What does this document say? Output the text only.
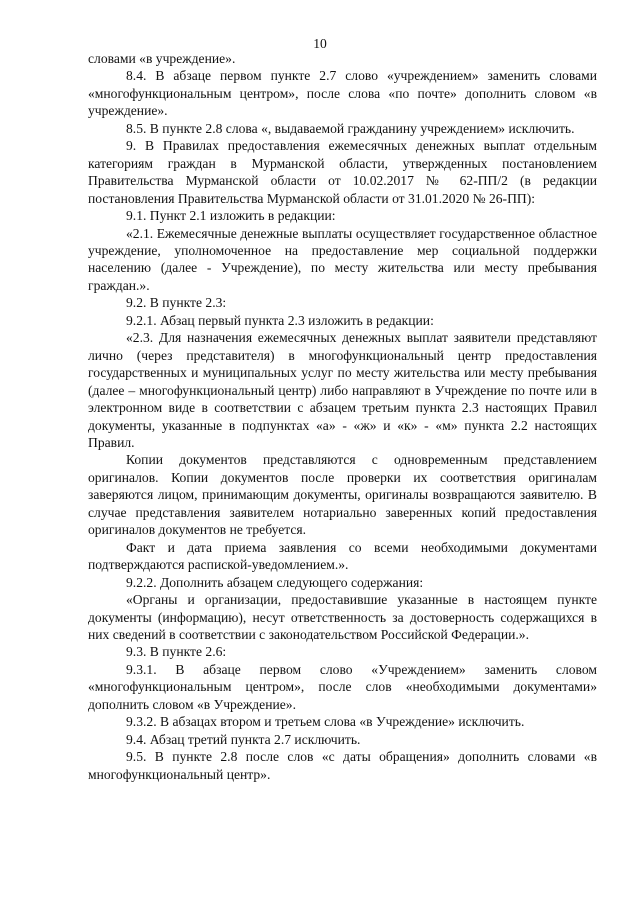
10

словами «в учреждение».

8.4. В абзаце первом пункте 2.7 слово «учреждением» заменить словами «многофункциональным центром», после слова «по почте» дополнить словом «в учреждение».

8.5. В пункте 2.8 слова «, выдаваемой гражданину учреждением» исключить.

9. В Правилах предоставления ежемесячных денежных выплат отдельным категориям граждан в Мурманской области, утвержденных постановлением Правительства Мурманской области от 10.02.2017 № 62-ПП/2 (в редакции постановления Правительства Мурманской области от 31.01.2020 № 26-ПП):

9.1. Пункт 2.1 изложить в редакции:

«2.1. Ежемесячные денежные выплаты осуществляет государственное областное учреждение, уполномоченное на предоставление мер социальной поддержки населению (далее - Учреждение), по месту жительства или месту пребывания граждан.».

9.2. В пункте 2.3:

9.2.1. Абзац первый пункта 2.3 изложить в редакции:

«2.3. Для назначения ежемесячных денежных выплат заявители представляют лично (через представителя) в многофункциональный центр предоставления государственных и муниципальных услуг по месту жительства или месту пребывания (далее – многофункциональный центр) либо направляют в Учреждение по почте или в электронном виде в соответствии с абзацем третьим пункта 2.3 настоящих Правил документы, указанные в подпунктах «а» - «ж» и «к» - «м» пункта 2.2 настоящих Правил.

Копии документов представляются с одновременным представлением оригиналов. Копии документов после проверки их соответствия оригиналам заверяются лицом, принимающим документы, оригиналы возвращаются заявителю. В случае представления заявителем нотариально заверенных копий предоставления оригиналов документов не требуется.

Факт и дата приема заявления со всеми необходимыми документами подтверждаются распиской-уведомлением.».

9.2.2. Дополнить абзацем следующего содержания:

«Органы и организации, предоставившие указанные в настоящем пункте документы (информацию), несут ответственность за достоверность содержащихся в них сведений в соответствии с законодательством Российской Федерации.».

9.3. В пункте 2.6:

9.3.1. В абзаце первом слово «Учреждением» заменить словом «многофункциональным центром», после слов «необходимыми документами» дополнить словом «в Учреждение».

9.3.2. В абзацах втором и третьем слова «в Учреждение» исключить.

9.4. Абзац третий пункта 2.7 исключить.

9.5. В пункте 2.8 после слов «с даты обращения» дополнить словами «в многофункциональный центр».
